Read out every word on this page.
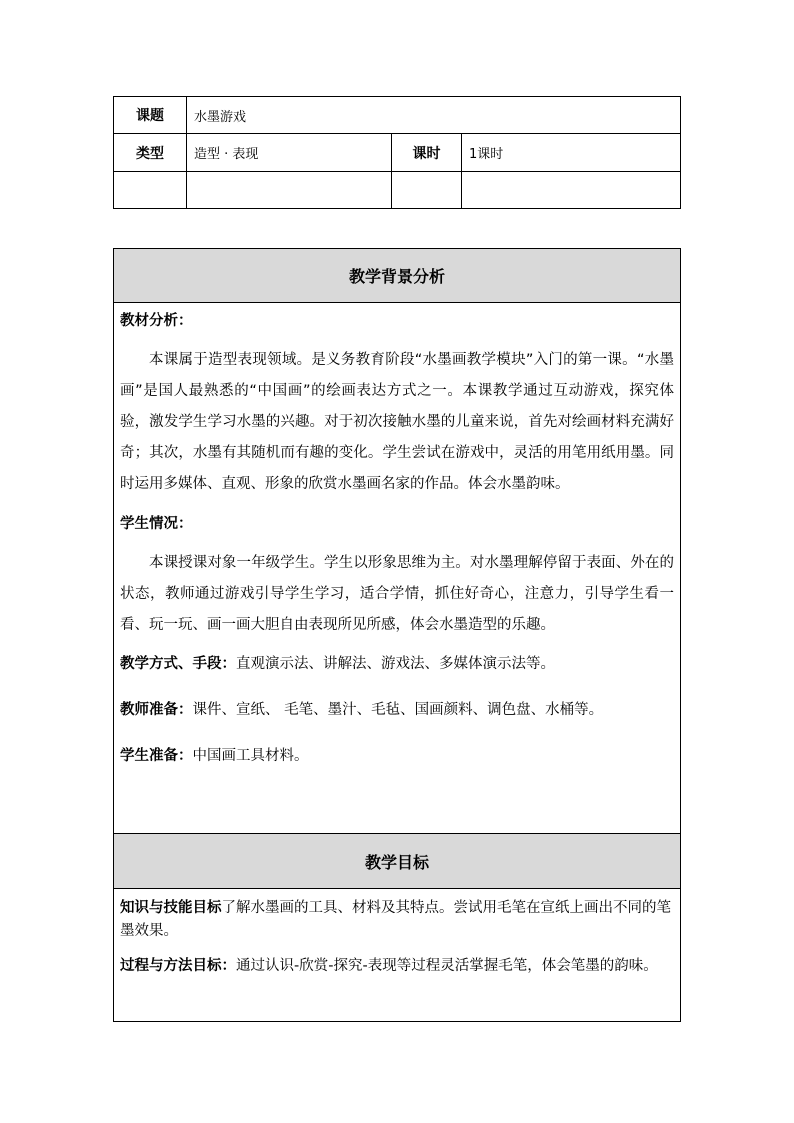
课题	水墨游戏		
类型	造型 · 表现	课时	1课时

教学背景分析

教材分析：

本课属于造型表现领域。是义务教育阶段“水墨画教学模块”入门的第一课。“水墨画”是国人最熟悉的“中国画”的绘画表达方式之一。本课教学通过互动游戏，探究体验，激发学生学习水墨的兴趣。对于初次接触水墨的儿童来说，首先对绘画材料充满好奇；其次，水墨有其随机而有趣的变化。学生尝试在游戏中，灵活的用笔用纸用墨。同时运用多媒体、直观、形象的欣赏水墨画名家的作品。体会水墨韵味。

学生情况：

本课授课对象一年级学生。学生以形象思维为主。对水墨理解停留于表面、外在的状态，教师通过游戏引导学生学习，适合学情，抓住好奇心，注意力，引导学生看一看、玩一玩、画一画大胆自由表现所见所感，体会水墨造型的乐趣。

教学方式、手段：直观演示法、讲解法、游戏法、多媒体演示法等。

教师准备：课件、宣纸、 毛笔、墨汁、毛毡、国画颜料、调色盘、水桶等。

学生准备：中国画工具材料。

教学目标

知识与技能目标了解水墨画的工具、材料及其特点。尝试用毛笔在宣纸上画出不同的笔墨效果。

过程与方法目标：通过认识-欣赏-探究-表现等过程灵活掌握毛笔，体会笔墨的韵味。
